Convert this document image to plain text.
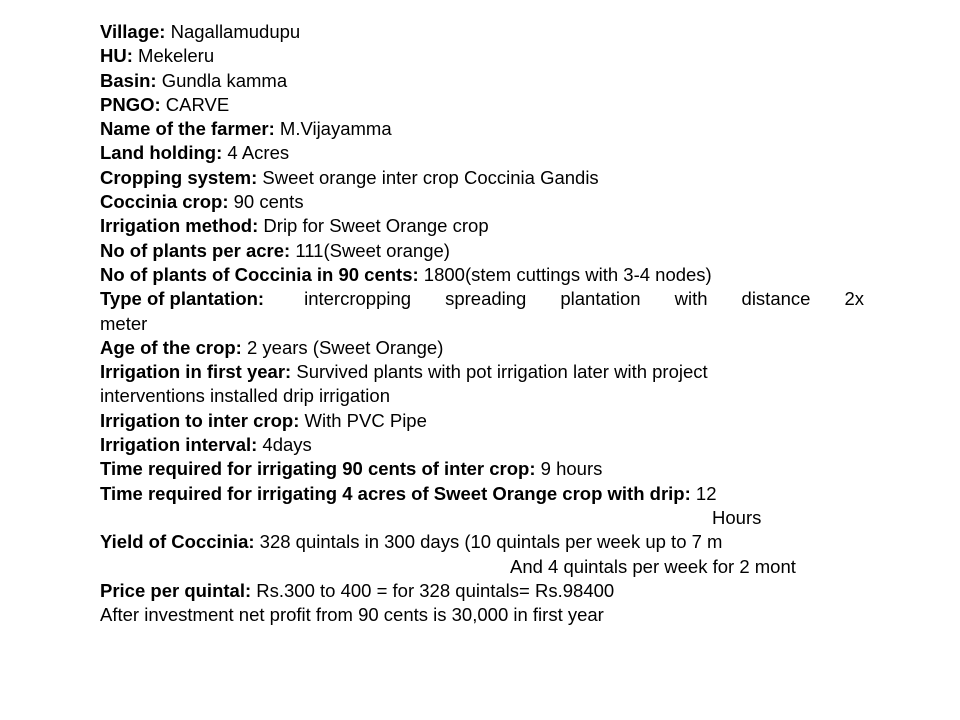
Village: Nagallamudupu
HU: Mekeleru
Basin: Gundla kamma
PNGO: CARVE
Name of the farmer: M.Vijayamma
Land holding: 4 Acres
Cropping system: Sweet orange inter crop Coccinia Gandis
Coccinia crop: 90 cents
Irrigation method: Drip for Sweet Orange crop
No of plants per acre: 111(Sweet orange)
No of plants of Coccinia in 90 cents: 1800(stem cuttings with 3-4 nodes)
Type of plantation: intercropping spreading plantation with distance 2x
meter
Age of the crop: 2 years (Sweet Orange)
Irrigation in first year: Survived plants with pot irrigation later with project
interventions installed drip irrigation
Irrigation to inter crop: With PVC Pipe
Irrigation interval: 4days
Time required for irrigating 90 cents of inter crop: 9 hours
Time required for irrigating 4 acres of Sweet Orange crop with drip: 12
Hours
Yield of Coccinia: 328 quintals in 300 days (10 quintals per week up to 7 m
And 4 quintals per week for 2 mont
Price per quintal: Rs.300 to 400 = for 328 quintals= Rs.98400
After investment net profit from 90 cents is 30,000 in first year
